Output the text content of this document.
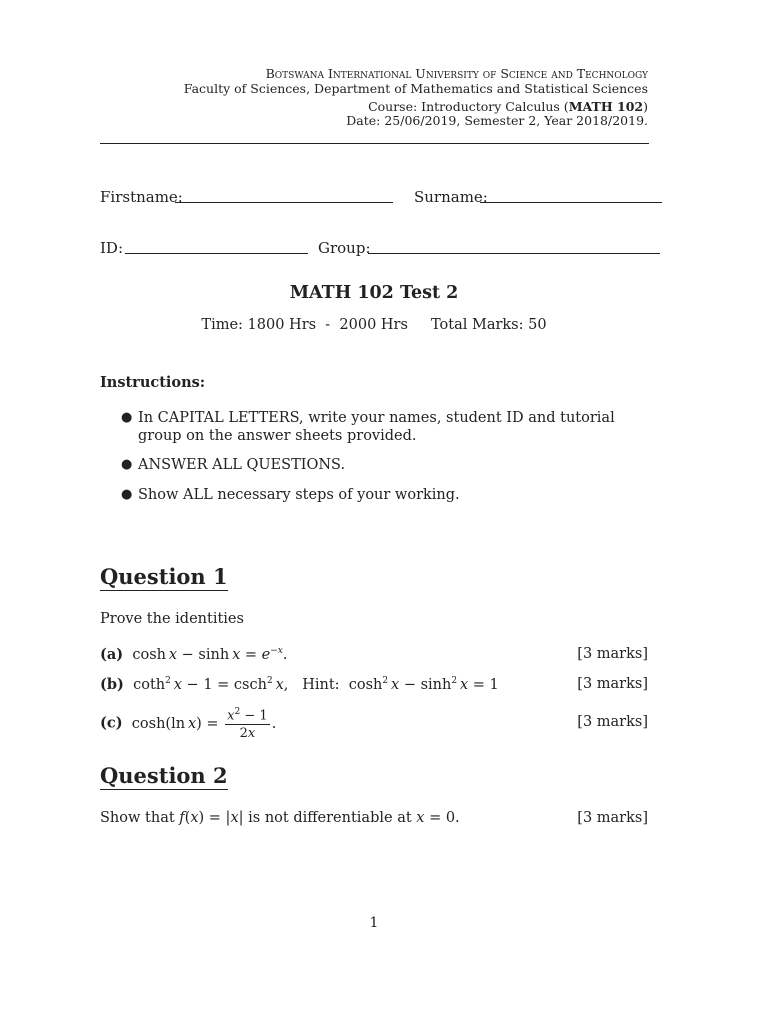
Botswana International University of Science and Technology
Faculty of Sciences, Department of Mathematics and Statistical Sciences
Course: Introductory Calculus (MATH 102)
Date: 25/06/2019, Semester 2, Year 2018/2019.
Firstname:	Surname:
ID:	Group:
MATH 102 Test 2
Time: 1800 Hrs  -  2000 Hrs     Total Marks: 50
Instructions:
● In CAPITAL LETTERS, write your names, student ID and tutorial group on the answer sheets provided.
● ANSWER ALL QUESTIONS.
● Show ALL necessary steps of your working.
Question 1
Prove the identities
(a) $\cosh x - \sinh x = e^{-x}$.	[3 marks]
(b) coth$^2$  x − 1 = csch$^2$  x, Hint: $\cosh^2 x - \sinh^2 x = 1$	[3 marks]
(c) cosh(ln $x) = \frac{x^2 - 1}{2x}$ .	[3 marks]
Question 2
Show that f(x) = |x| is not differentiable at x = 0.	[3 marks]
1
